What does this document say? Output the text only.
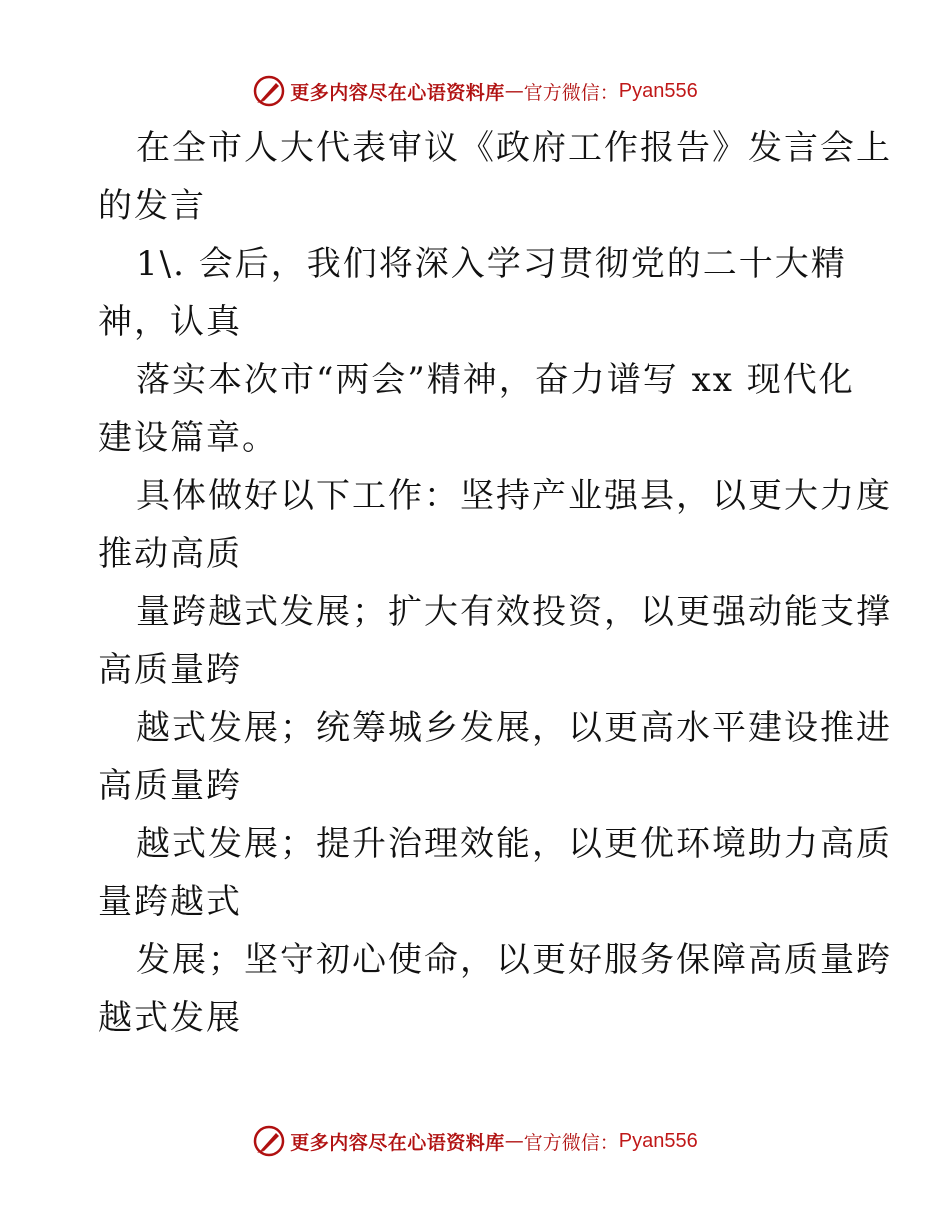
更多内容尽在心语资料库 — 官方微信： Pyan556
在全市人大代表审议《政府工作报告》发言会上
的发言
1\. 会后，我们将深入学习贯彻党的二十大精
神，认真
落实本次市“两会”精神，奋力谱写 xx 现代化
建设篇章。
具体做好以下工作：坚持产业强县，以更大力度
推动高质
量跨越式发展；扩大有效投资，以更强动能支撑
高质量跨
越式发展；统筹城乡发展，以更高水平建设推进
高质量跨
越式发展；提升治理效能，以更优环境助力高质
量跨越式
发展；坚守初心使命，以更好服务保障高质量跨
越式发展
更多内容尽在心语资料库 — 官方微信： Pyan556
